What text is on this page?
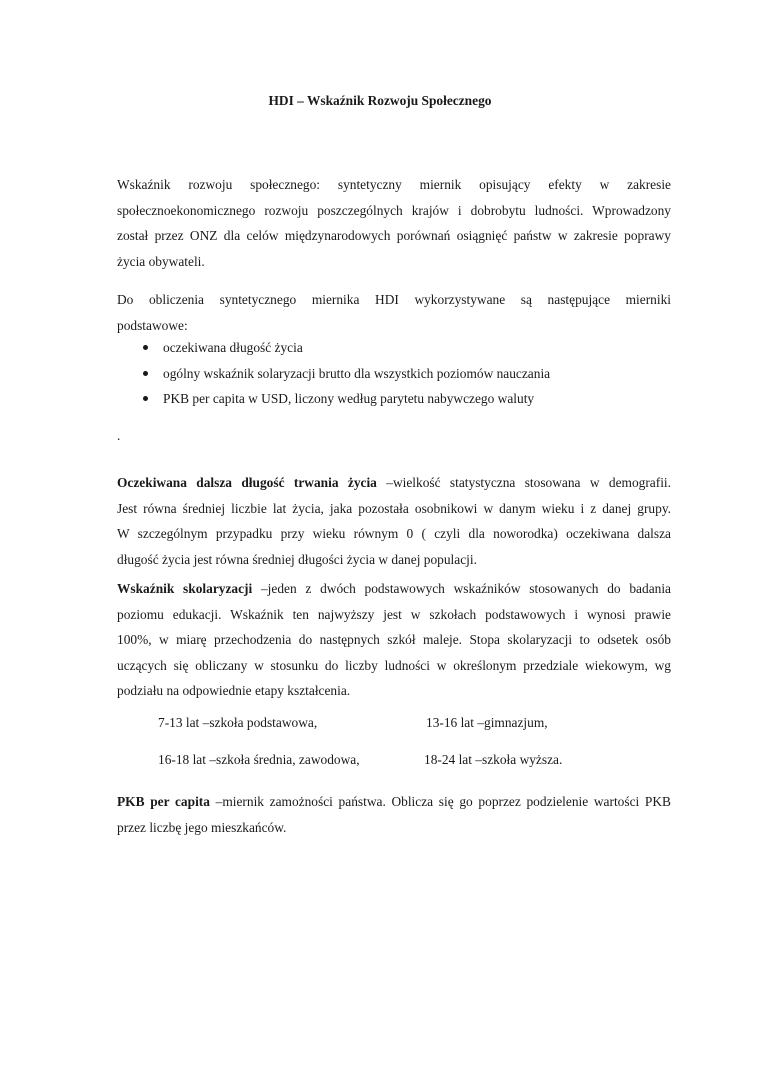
HDI – Wskaźnik Rozwoju Społecznego
Wskaźnik rozwoju społecznego: syntetyczny miernik opisujący efekty w zakresie
społecznoekonomicznego rozwoju poszczególnych krajów i dobrobytu ludności. Wprowadzony
został przez ONZ dla celów międzynarodowych porównań osiągnięć państw w zakresie poprawy
życia obywateli.
Do obliczenia syntetycznego miernika HDI wykorzystywane są następujące mierniki
podstawowe:
oczekiwana długość życia
ogólny wskaźnik solaryzacji brutto dla wszystkich poziomów nauczania
PKB per capita w USD, liczony według parytetu nabywczego waluty
.
Oczekiwana dalsza długość trwania życia –wielkość statystyczna stosowana w demografii.
Jest równa średniej liczbie lat życia, jaka pozostała osobnikowi w danym wieku i z danej grupy.
W szczególnym przypadku przy wieku równym 0 ( czyli dla noworodka) oczekiwana dalsza
długość życia jest równa średniej długości życia w danej populacji.
Wskaźnik skolaryzacji –jeden z dwóch podstawowych wskaźników stosowanych do badania
poziomu edukacji. Wskaźnik ten najwyższy jest w szkołach podstawowych i wynosi prawie
100%, w miarę przechodzenia do następnych szkół maleje. Stopa skolaryzacji to odsetek osób
uczących się obliczany w stosunku do liczby ludności w określonym przedziale wiekowym, wg
podziału na odpowiednie etapy kształcenia.
7-13 lat –szkoła podstawowa,	13-16 lat –gimnazjum,
16-18 lat –szkoła średnia, zawodowa,	18-24 lat –szkoła wyższa.
PKB per capita –miernik zamożności państwa. Oblicza się go poprzez podzielenie wartości PKB
przez liczbę jego mieszkańców.
